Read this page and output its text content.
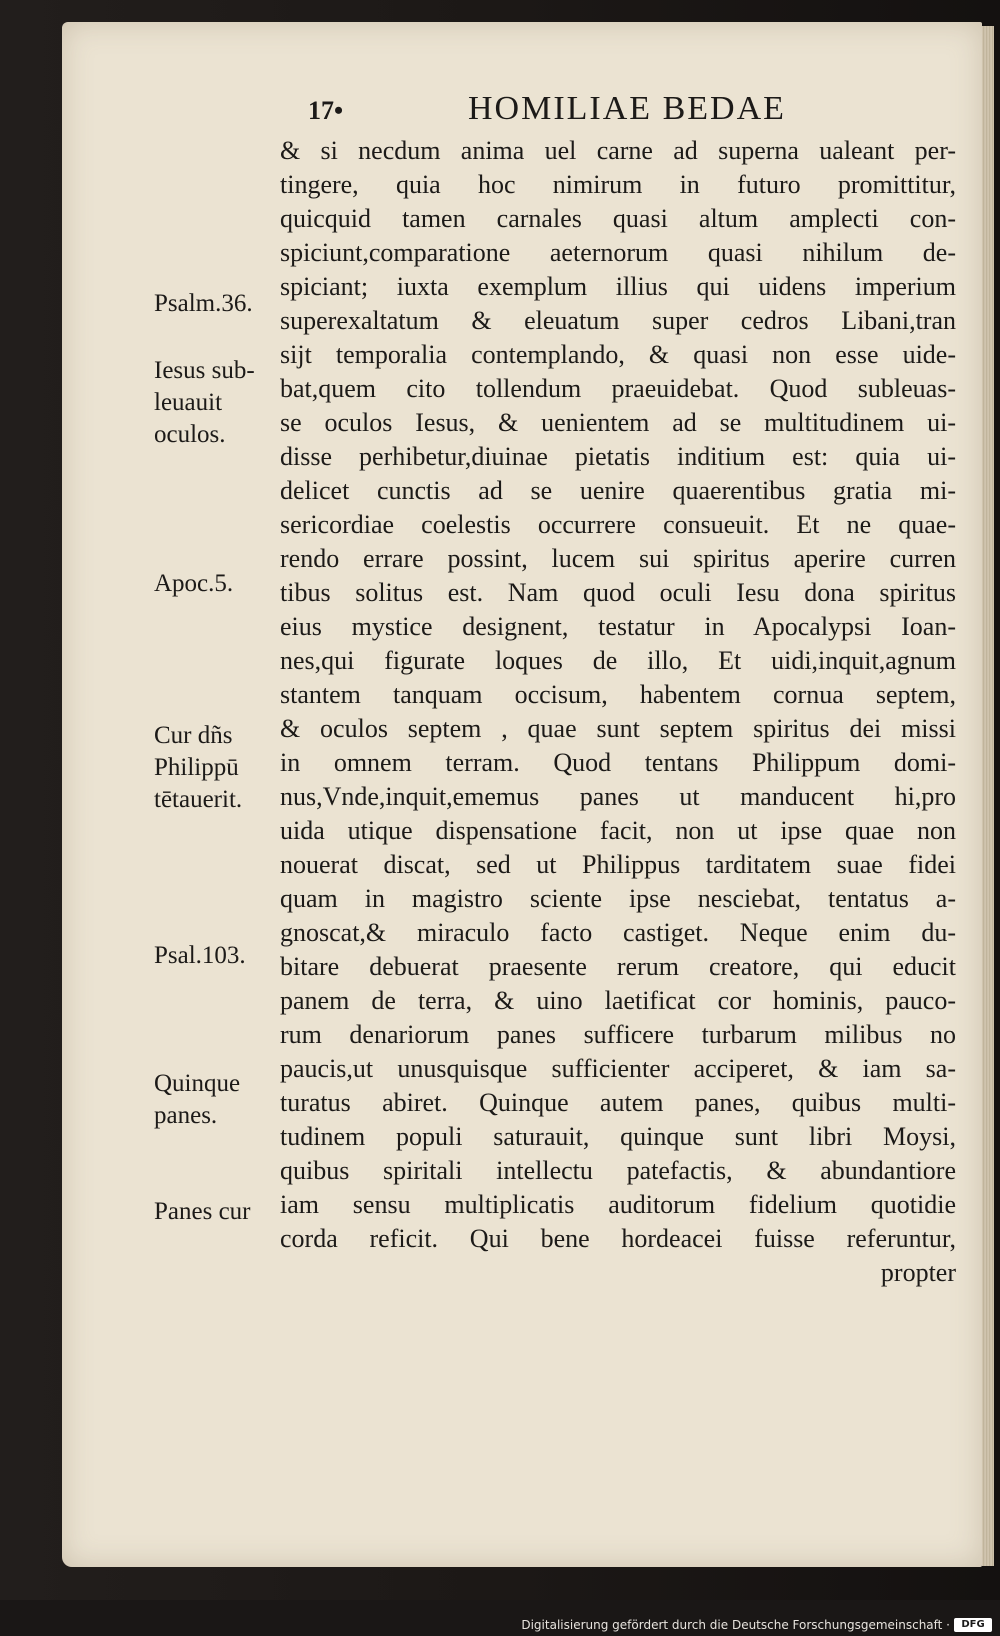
17•	HOMILIAE BEDAE
& si necdum anima uel carne ad superna ualeant per-
tingere, quia hoc nimirum in futuro promittitur,
quicquid tamen carnales quasi altum amplecti con-
spiciunt,comparatione aeternorum quasi nihilum de-
spiciant; iuxta exemplum illius qui uidens imperium
superexaltatum & eleuatum super cedros Libani,tran
sijt temporalia contemplando, & quasi non esse uide-
bat,quem cito tollendum praeuidebat. Quod subleuas-
se oculos Iesus, & uenientem ad se multitudinem ui-
disse perhibetur,diuinae pietatis inditium est: quia ui-
delicet cunctis ad se uenire quaerentibus gratia mi-
sericordiae coelestis occurrere consueuit. Et ne quae-
rendo errare possint, lucem sui spiritus aperire curren
tibus solitus est. Nam quod oculi Iesu dona spiritus
eius mystice designent, testatur in Apocalypsi Ioan-
nes,qui figurate loques de illo, Et uidi,inquit,agnum
stantem tanquam occisum, habentem cornua septem,
& oculos septem , quae sunt septem spiritus dei missi
in omnem terram. Quod tentans Philippum domi-
nus,Vnde,inquit,ememus panes ut manducent hi,pro
uida utique dispensatione facit, non ut ipse quae non
nouerat discat, sed ut Philippus tarditatem suae fidei
quam in magistro sciente ipse nesciebat, tentatus a-
gnoscat,& miraculo facto castiget. Neque enim du-
bitare debuerat praesente rerum creatore, qui educit
panem de terra, & uino laetificat cor hominis, pauco-
rum denariorum panes sufficere turbarum milibus no
paucis,ut unusquisque sufficienter acciperet, & iam sa-
turatus abiret. Quinque autem panes, quibus multi-
tudinem populi saturauit, quinque sunt libri Moysi,
quibus spiritali intellectu patefactis, & abundantiore
iam sensu multiplicatis auditorum fidelium quotidie
corda reficit. Qui bene hordeacei fuisse referuntur,
propter
Psalm.36.
Iesus sub-
leuauit
oculos.
Apoc.5.
Cur dñs
Philippū
tētauerit.
Psal.103.
Quinque
panes.
Panes cur
Digitalisierung gefördert durch die Deutsche Forschungsgemeinschaft ·	DFG
